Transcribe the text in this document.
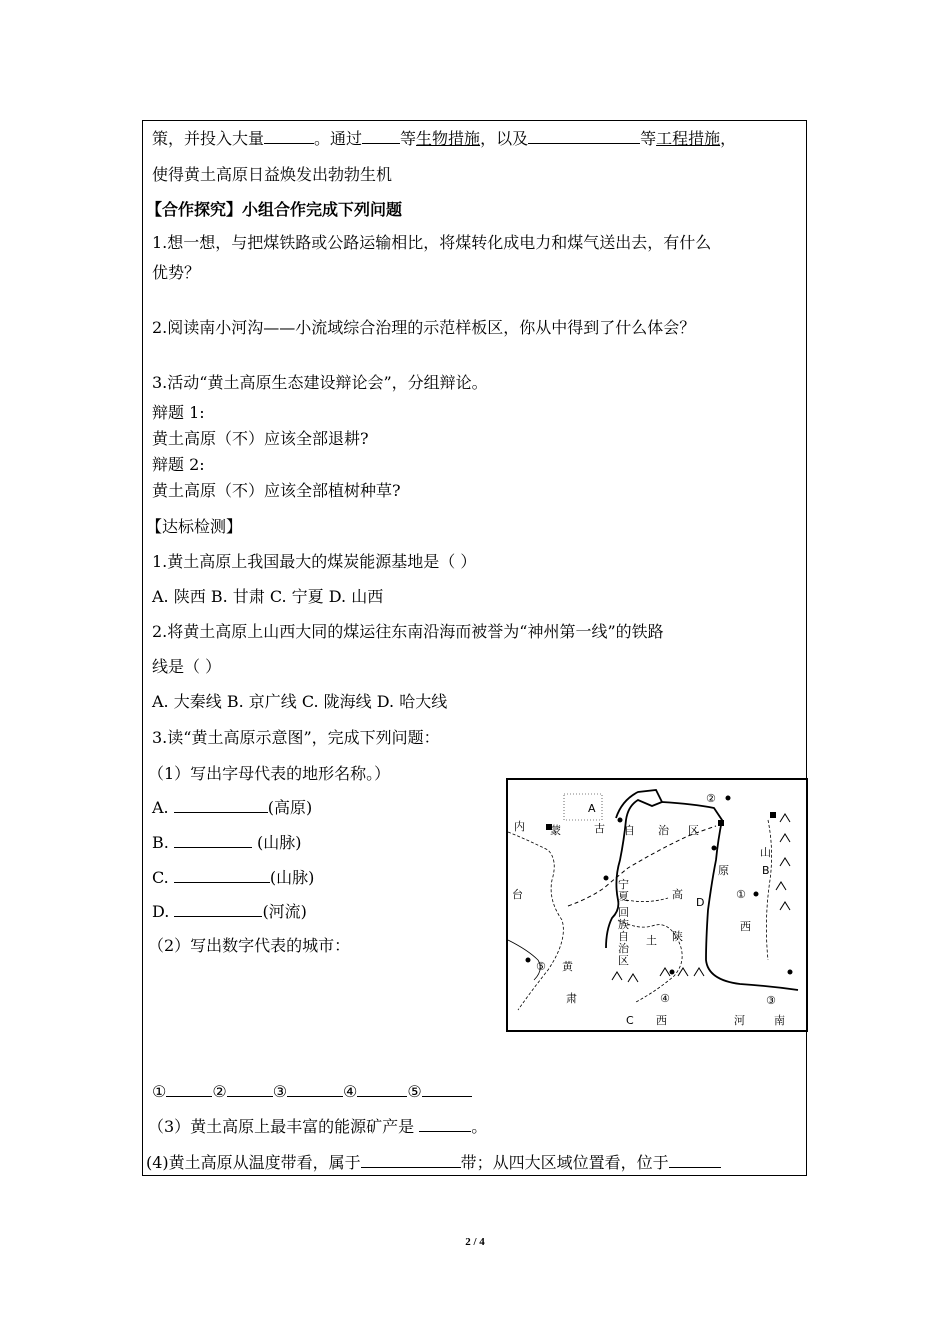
策，并投入大量	。通过 等生物措施，以及	等工程措施，
使得黄土高原日益焕发出勃勃生机
【合作探究】小组合作完成下列问题
1.想一想，与把煤铁路或公路运输相比，将煤转化成电力和煤气送出去，有什么
优势？
2.阅读南小河沟——小流域综合治理的示范样板区，你从中得到了什么体会？
3.活动“黄土高原生态建设辩论会”，分组辩论。
辩题 1:
黄土高原（不）应该全部退耕?
辩题 2:
黄土高原（不）应该全部植树种草?
【达标检测】
1.黄土高原上我国最大的煤炭能源基地是（ ）
A. 陕西 B. 甘肃 C. 宁夏 D. 山西
2.将黄土高原上山西大同的煤运往东南沿海而被誉为“神州第一线”的铁路
线是（ ）
A. 大秦线 B. 京广线 C. 陇海线 D. 哈大线
3.读“黄土高原示意图”，完成下列问题：
（1）写出字母代表的地形名称。）
A.	(高原)
B.	(山脉)
C.	(山脉)
D.	(河流)
（2）写出数字代表的城市：
①	②	③	④	⑤
（3）黄土高原上最丰富的能源矿产是	。
(4)黄土高原从温度带看，属于	带；从四大区域位置看，位于
A
内 蒙	古 自 治 区
山
B
原
①
西
台
宁
夏
回
族
自
治
区
高
D
陕
土
⑤ 黄
④
肃	③
C 西	河	南
②
2 / 4
